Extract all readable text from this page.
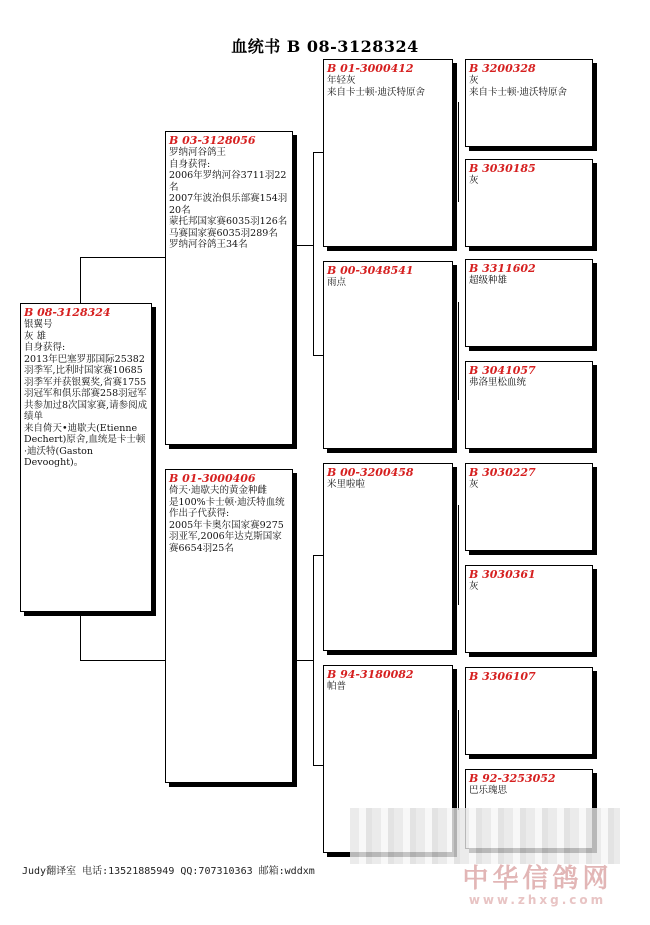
血统书 B 08-3128324
B 08-3128324
银翼号
灰 雄
自身获得:
2013年巴塞罗那国际25382羽季军,比利时国家赛10685羽季军并获银翼奖,省赛1755羽冠军和俱乐部赛258羽冠军
共参加过8次国家赛,请参阅成绩单
来自倚天•迪歇夫(Etienne Dechert)原舍,血统是卡士顿·迪沃特(Gaston Devooght)。
B 03-3128056
罗纳河谷鸽王
自身获得:
2006年罗纳河谷3711羽22名
2007年波治俱乐部赛154羽20名
蒙托邦国家赛6035羽126名
马赛国家赛6035羽289名
罗纳河谷鸽王34名
B 01-3000406
倚天·迪歇夫的黄金种雌
是100%卡士顿·迪沃特血统作出子代获得:
2005年卡奥尔国家赛9275羽亚军,2006年达克斯国家赛6654羽25名
B 01-3000412
年轻灰
来自卡士顿·迪沃特原舍
B 00-3048541
雨点
B 00-3200458
米里啦啦
B 94-3180082
帕普
B 3200328
灰
来自卡士顿·迪沃特原舍
B 3030185
灰
B 3311602
超级种雄
B 3041057
弗洛里松血统
B 3030227
灰
B 3030361
灰
B 3306107
B 92-3253052
巴乐瑰思
Judy翻译室 电话:13521885949 QQ:707310363 邮箱:wddxm	中华信鸽网
www.zhxg.com
